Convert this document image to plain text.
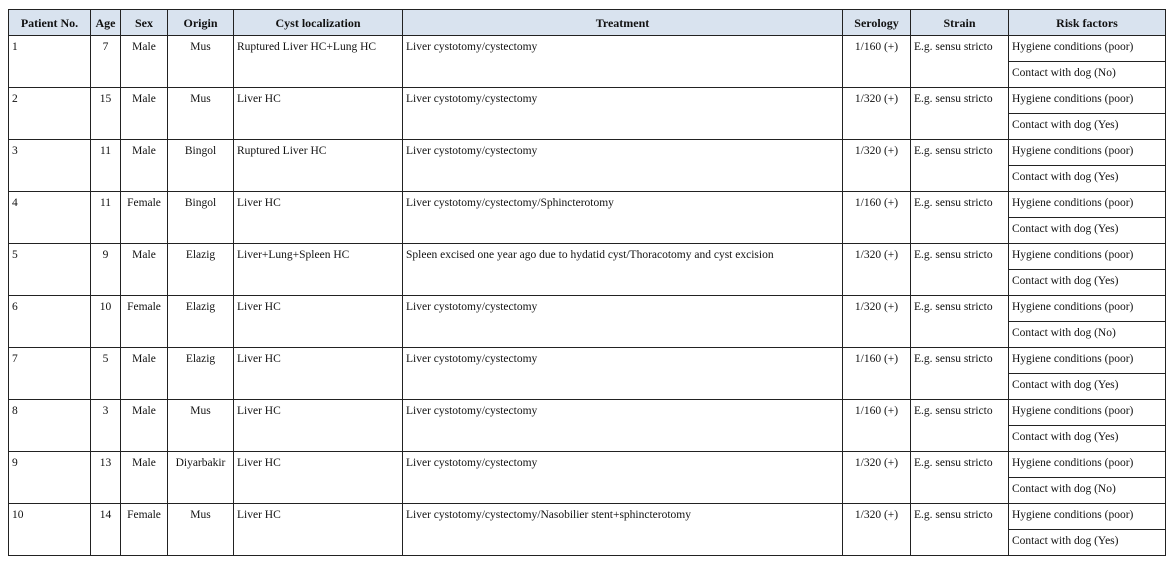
Patient No.	Age	Sex	Origin	Cyst localization	Treatment	Serology	Strain	Risk factors
1	7	Male	Mus	Ruptured Liver HC+Lung HC	Liver cystotomy/cystectomy	1/160 (+)	E.g. sensu stricto	Hygiene conditions (poor)
								Contact with dog (No)
2	15	Male	Mus	Liver HC	Liver cystotomy/cystectomy	1/320 (+)	E.g. sensu stricto	Hygiene conditions (poor)
								Contact with dog (Yes)
3	11	Male	Bingol	Ruptured Liver HC	Liver cystotomy/cystectomy	1/320 (+)	E.g. sensu stricto	Hygiene conditions (poor)
								Contact with dog (Yes)
4	11	Female	Bingol	Liver HC	Liver cystotomy/cystectomy/Sphincterotomy	1/160 (+)	E.g. sensu stricto	Hygiene conditions (poor)
								Contact with dog (Yes)
5	9	Male	Elazig	Liver+Lung+Spleen HC	Spleen excised one year ago due to hydatid cyst/Thoracotomy and cyst excision	1/320 (+)	E.g. sensu stricto	Hygiene conditions (poor)
								Contact with dog (Yes)
6	10	Female	Elazig	Liver HC	Liver cystotomy/cystectomy	1/320 (+)	E.g. sensu stricto	Hygiene conditions (poor)
								Contact with dog (No)
7	5	Male	Elazig	Liver HC	Liver cystotomy/cystectomy	1/160 (+)	E.g. sensu stricto	Hygiene conditions (poor)
								Contact with dog (Yes)
8	3	Male	Mus	Liver HC	Liver cystotomy/cystectomy	1/160 (+)	E.g. sensu stricto	Hygiene conditions (poor)
								Contact with dog (Yes)
9	13	Male	Diyarbakir	Liver HC	Liver cystotomy/cystectomy	1/320 (+)	E.g. sensu stricto	Hygiene conditions (poor)
								Contact with dog (No)
10	14	Female	Mus	Liver HC	Liver cystotomy/cystectomy/Nasobilier stent+sphincterotomy	1/320 (+)	E.g. sensu stricto	Hygiene conditions (poor)
								Contact with dog (Yes)
